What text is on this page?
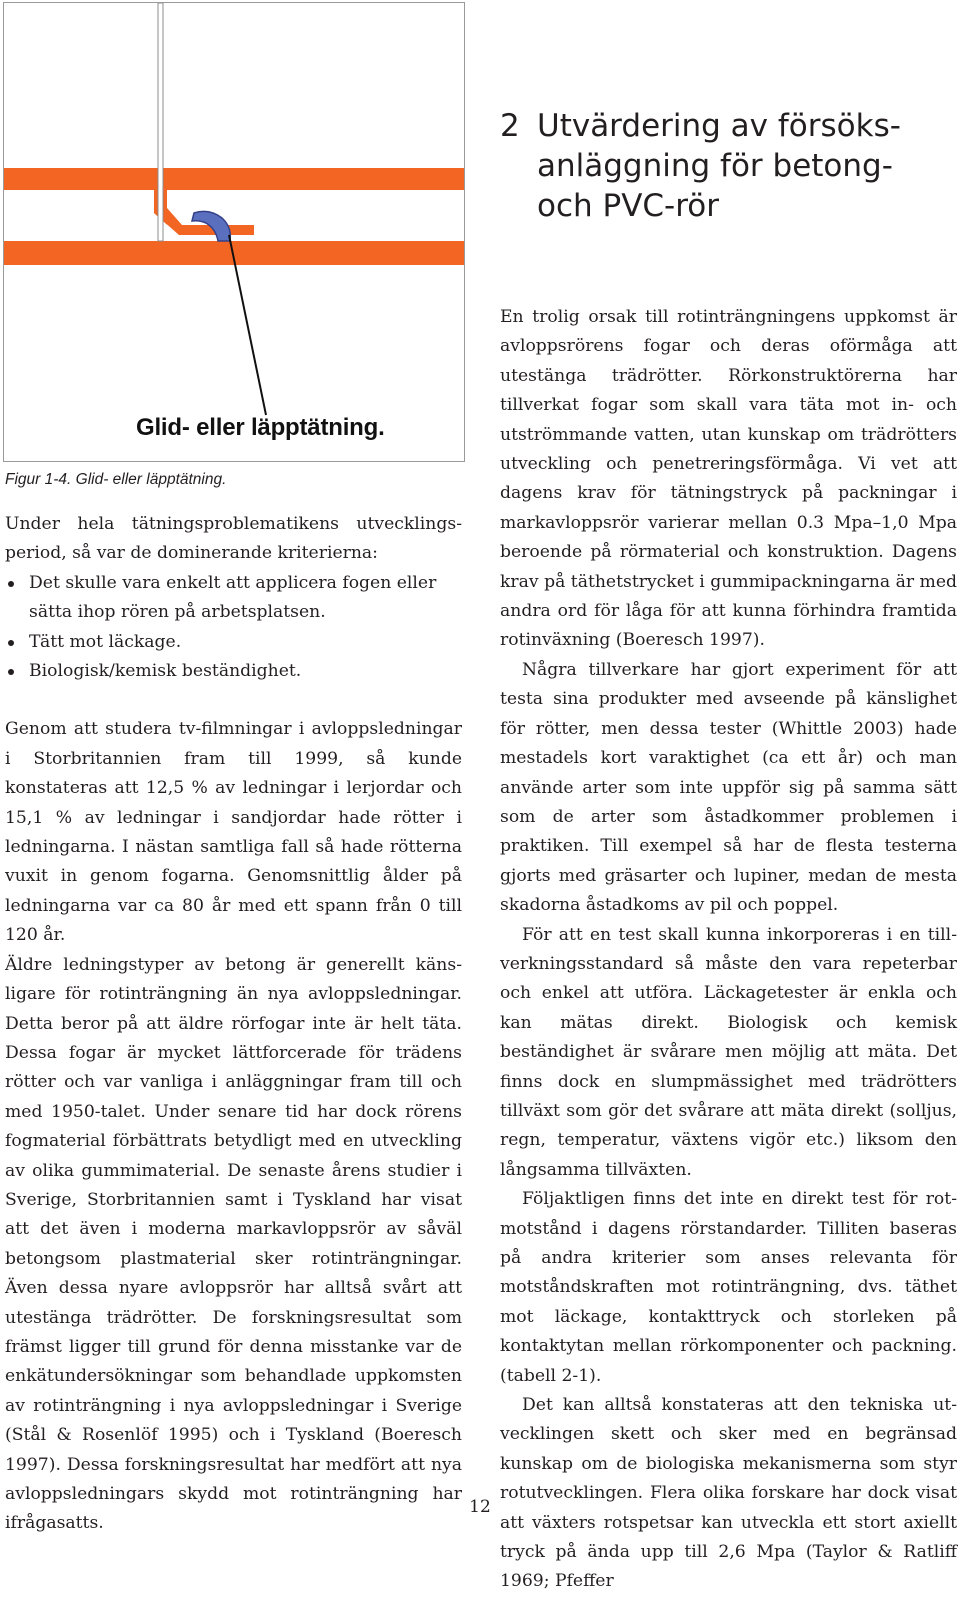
Glid- eller läpptätning.
Figur 1-4. Glid- eller läpptätning.
2 Utvärdering av försöks-
anläggning för betong-
och PVC-rör

Under hela tätningsproblematikens utvecklingsperiod, så var de dominerande kriterierna:

Det skulle vara enkelt att applicera fogen eller sätta ihop rören på arbetsplatsen.
Tätt mot läckage.
Biologisk/kemisk beständighet.

Genom att studera tv-filmningar i avloppsledningar i Storbritannien fram till 1999, så kunde konstateras att 12,5 % av ledningar i lerjordar och 15,1 % av ledningar i sandjordar hade rötter i ledningarna. I nästan samtliga fall så hade rötterna vuxit in genom fogarna. Genomsnittlig ålder på ledningarna var ca 80 år med ett spann från 0 till 120 år.

Äldre ledningstyper av betong är generellt känsligare för rotinträngning än nya avloppsledningar. Detta beror på att äldre rörfogar inte är helt täta. Dessa fogar är mycket lättforcerade för trädens rötter och var vanliga i anläggningar fram till och med 1950-talet. Under senare tid har dock rörens fogmaterial förbättrats betydligt med en utveckling av olika gummimaterial. De senaste årens studier i Sverige, Storbritannien samt i Tyskland har visat att det även i moderna markavloppsrör av såväl betongsom plastmaterial sker rotinträngningar. Även dessa nyare avloppsrör har alltså svårt att utestänga trädrötter. De forskningsresultat som främst ligger till grund för denna misstanke var de enkätundersökningar som behandlade uppkomsten av rotinträngning i nya avloppsledningar i Sverige (Stål & Rosenlöf 1995) och i Tyskland (Boeresch 1997). Dessa forskningsresultat har medfört att nya avloppsledningars skydd mot rotinträngning har ifrågasatts.

En trolig orsak till rotinträngningens uppkomst är avloppsrörens fogar och deras oförmåga att utestänga trädrötter. Rörkonstruktörerna har tillverkat fogar som skall vara täta mot in- och utströmmande vatten, utan kunskap om trädrötters utveckling och penetreringsförmåga. Vi vet att dagens krav för tätningstryck på packningar i markavloppsrör varierar mellan 0.3 Mpa–1,0 Mpa beroende på rörmaterial och konstruktion. Dagens krav på täthetstrycket i gummipackningarna är med andra ord för låga för att kunna förhindra framtida rotinväxning (Boeresch 1997).

Några tillverkare har gjort experiment för att testa sina produkter med avseende på känslighet för rötter, men dessa tester (Whittle 2003) hade mestadels kort varaktighet (ca ett år) och man använde arter som inte uppför sig på samma sätt som de arter som åstadkommer problemen i praktiken. Till exempel så har de flesta testerna gjorts med gräsarter och lupiner, medan de mesta skadorna åstadkoms av pil och poppel.

För att en test skall kunna inkorporeras i en tillverkningsstandard så måste den vara repeterbar och enkel att utföra. Läckagetester är enkla och kan mätas direkt. Biologisk och kemisk beständighet är svårare men möjlig att mäta. Det finns dock en slumpmässighet med trädrötters tillväxt som gör det svårare att mäta direkt (solljus, regn, temperatur, växtens vigör etc.) liksom den långsamma tillväxten.

Följaktligen finns det inte en direkt test för rotmotstånd i dagens rörstandarder. Tilliten baseras på andra kriterier som anses relevanta för motståndskraften mot rotinträngning, dvs. täthet mot läckage, kontakttryck och storleken på kontaktytan mellan rörkomponenter och packning. (tabell 2-1).

Det kan alltså konstateras att den tekniska utvecklingen skett och sker med en begränsad kunskap om de biologiska mekanismerna som styr rotutvecklingen. Flera olika forskare har dock visat att växters rotspetsar kan utveckla ett stort axiellt tryck på ända upp till 2,6 Mpa (Taylor & Ratliff 1969; Pfeffer

12
